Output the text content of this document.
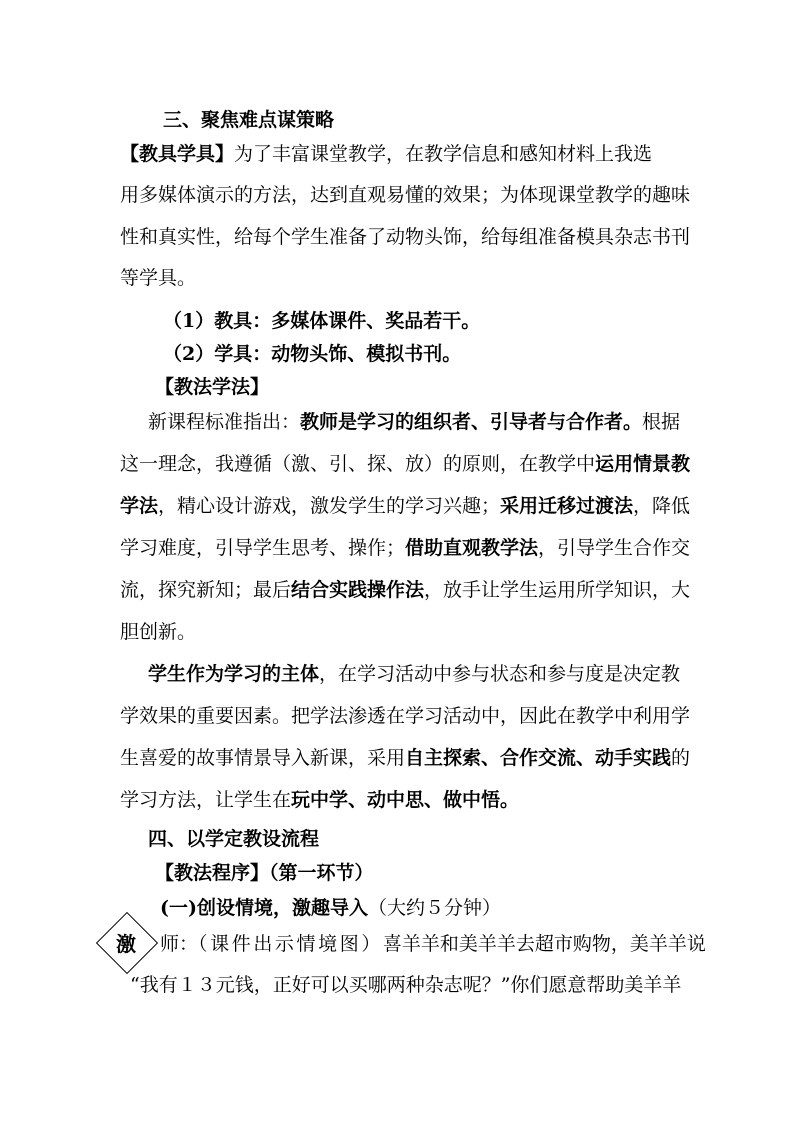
三、聚焦难点谋策略
【教具学具】为了丰富课堂教学，在教学信息和感知材料上我选
用多媒体演示的方法，达到直观易懂的效果；为体现课堂教学的趣味
性和真实性，给每个学生准备了动物头饰，给每组准备模具杂志书刊
等学具。
（1）教具：多媒体课件、奖品若干。
（2）学具：动物头饰、模拟书刊。
【教法学法】
新课程标准指出：教师是学习的组织者、引导者与合作者。根据
这一理念，我遵循（激、引、探、放）的原则，在教学中运用情景教
学法，精心设计游戏，激发学生的学习兴趣；采用迁移过渡法，降低
学习难度，引导学生思考、操作；借助直观教学法，引导学生合作交
流，探究新知；最后结合实践操作法，放手让学生运用所学知识，大
胆创新。
学生作为学习的主体，在学习活动中参与状态和参与度是决定教
学效果的重要因素。把学法渗透在学习活动中，因此在教学中利用学
生喜爱的故事情景导入新课，采用自主探索、合作交流、动手实践的
学习方法，让学生在玩中学、动中思、做中悟。
四、以学定教设流程
【教法程序】（第一环节）
(一)创设情境，激趣导入（大约５分钟）
激	师：（课件出示情境图）喜羊羊和美羊羊去超市购物，美羊羊说
“我有１３元钱，正好可以买哪两种杂志呢？”你们愿意帮助美羊羊
